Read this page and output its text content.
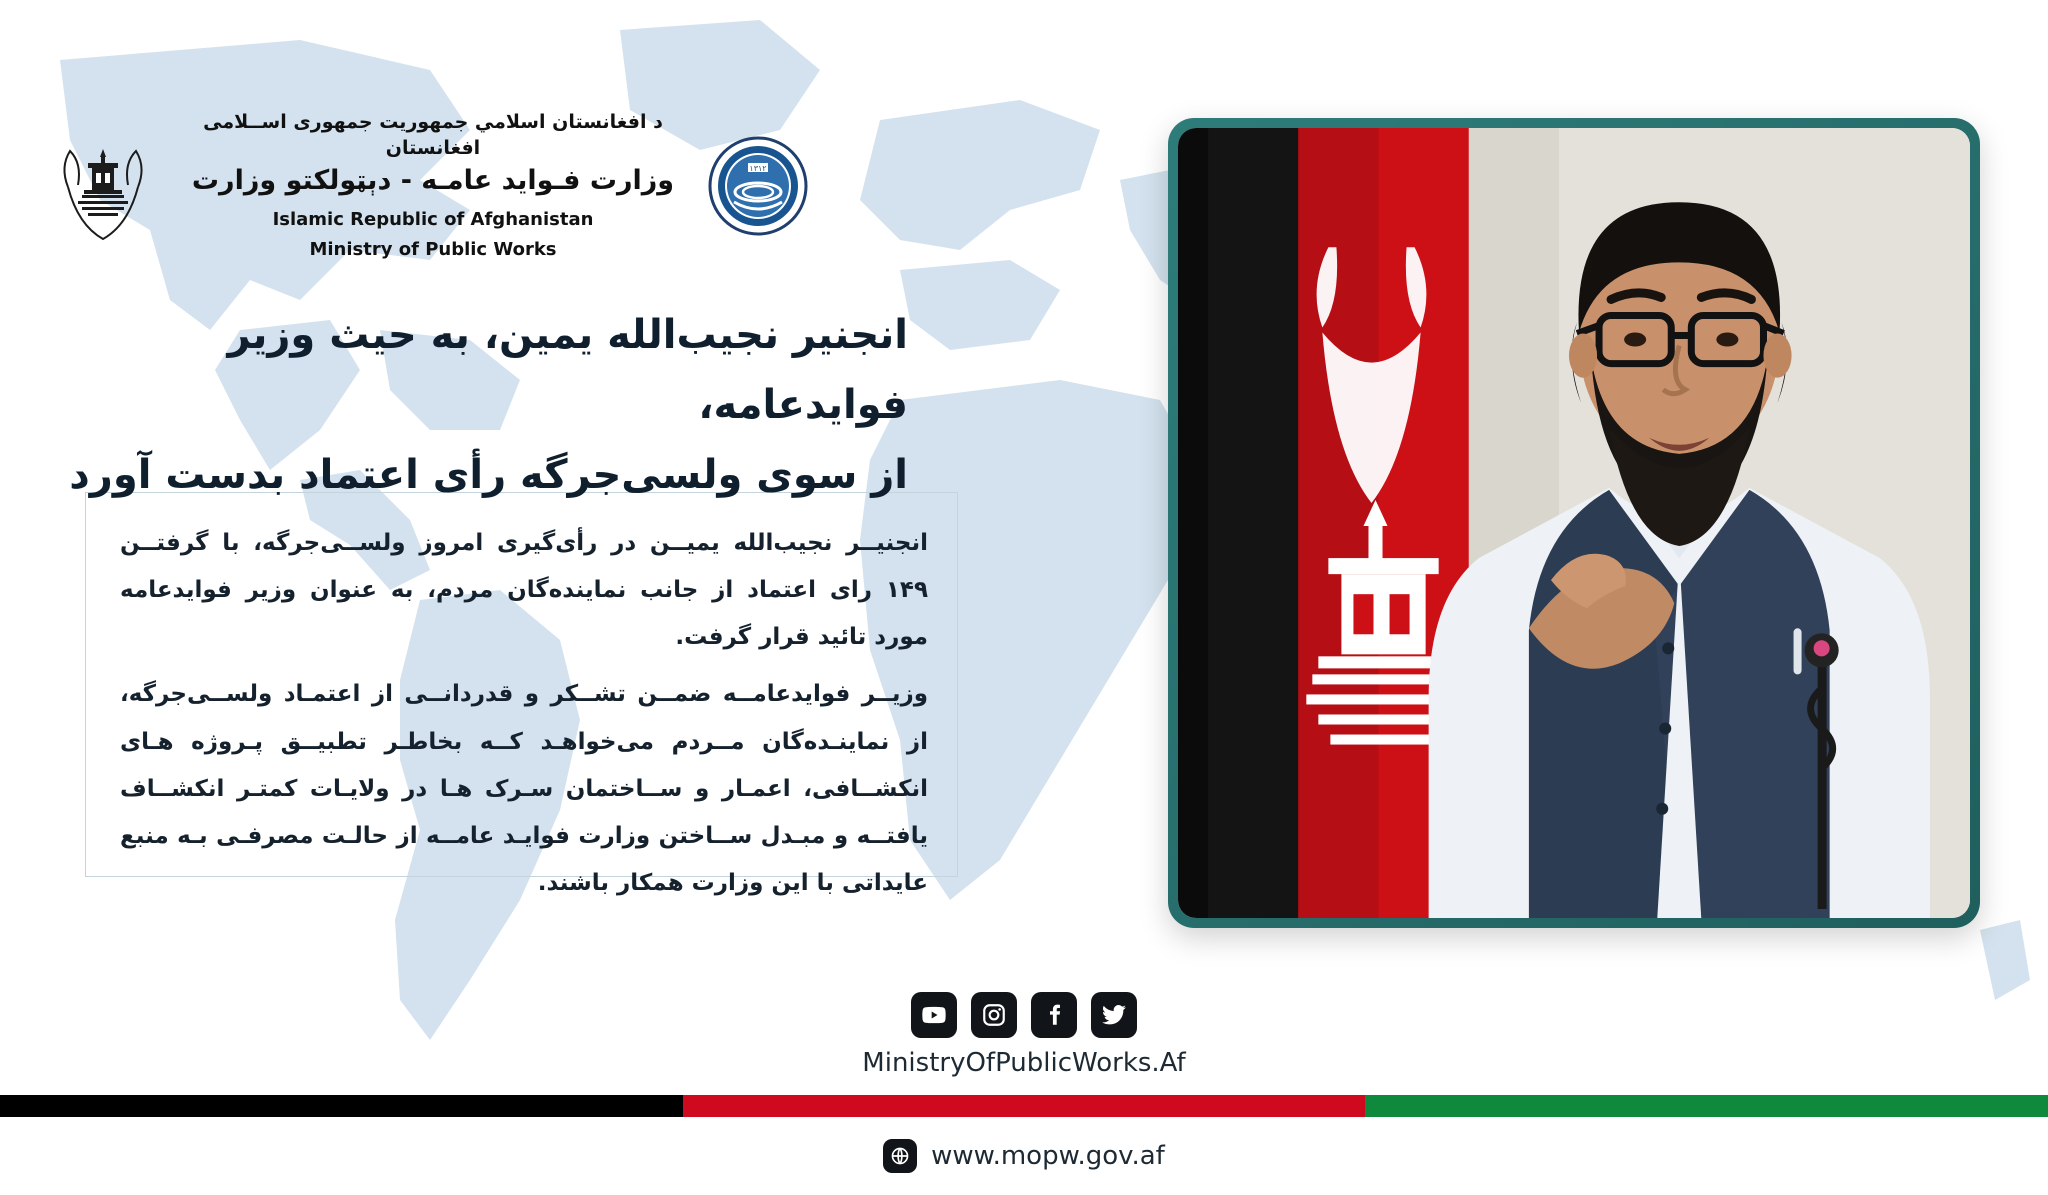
١٣١٢
د افغانستان اسلامي جمهوریت جمهوری اســلامی افغانستان
وزارت فـواید عامـه - دېټولکتو وزارت
Islamic Republic of Afghanistan
Ministry of Public Works
انجنیر نجیب‌الله یمین، به حیث وزیر فوایدعامه،
از سوی ولسی‌جرگه رأی اعتماد بدست آورد

انجنیــر نجیب‌الله یمیــن در رأی‌گیری امروز ولســی‌جرگه، با گرفتــن ۱۴۹ رای اعتماد از جانب نماینده‌گان مردم، به عنوان وزیر فوایدعامه مورد تائید قرار گرفت.

وزیــر فوایدعامــه ضمــن تشــکر و قدردانــی از اعتمـاد ولســی‌جرگه، از نماینـده‌گان مــردم می‌خواهـد کــه بخاطـر تطبیــق پـروژه هـای انکشــافی، اعمـار و ســاختمان سـرک هـا در ولایـات کمتـر انکشــاف یافتــه و مبـدل ســاختن وزارت فوایـد عامــه از حالـت مصرفـی بـه منبع عایداتی با این وزارت همکار باشند.

MinistryOfPublicWorks.Af
www.mopw.gov.af
